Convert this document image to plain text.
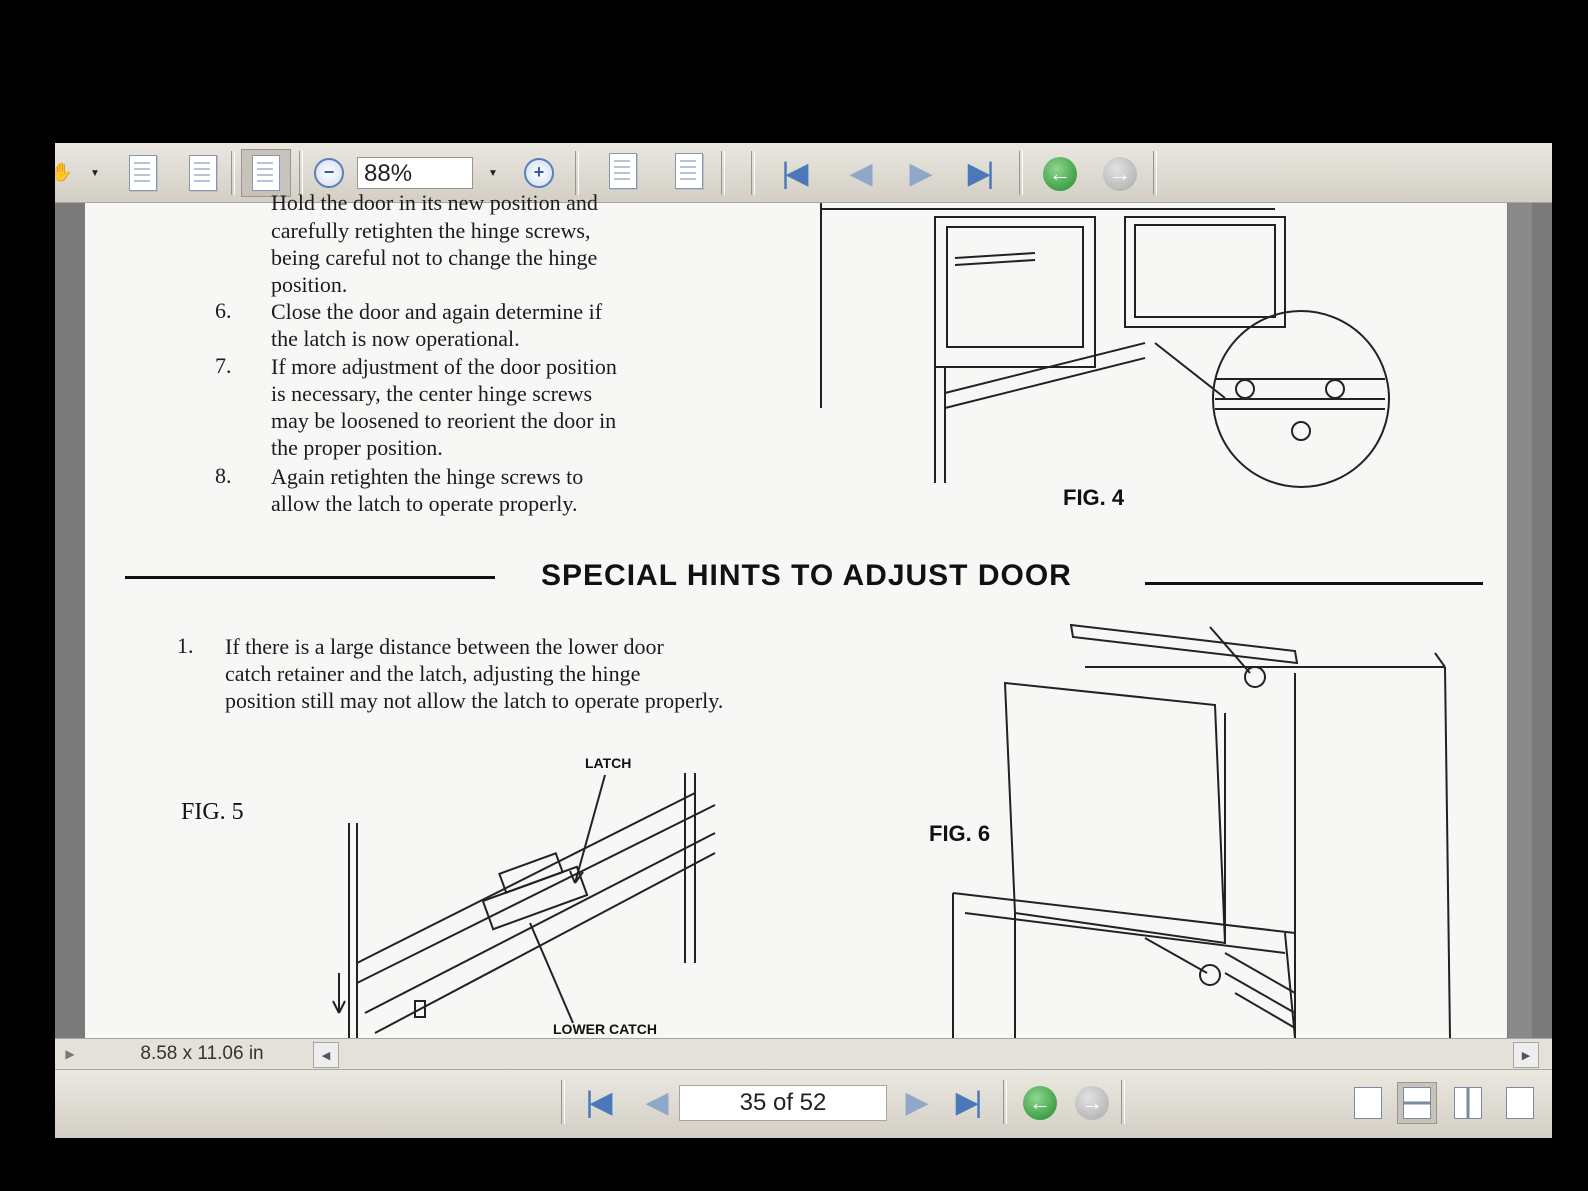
✋ ▼	−	88%	▼	+	|◀ ◀ ▶ ▶|	← →
Hold the door in its new position and
carefully retighten the hinge screws,
being careful not to change the hinge
position.
6. Close the door and again determine if
the latch is now operational.
7. If more adjustment of the door position
is necessary, the center hinge screws
may be loosened to reorient the door in
the proper position.
8. Again retighten the hinge screws to
allow the latch to operate properly.	FIG. 4
SPECIAL HINTS TO ADJUST DOOR
1. If there is a large distance between the lower door
catch retainer and the latch, adjusting the hinge
position still may not allow the latch to operate properly.
FIG. 5
LATCH
LOWER CATCH
FIG. 6
▶	8.58 x 11.06 in	◀	▶
|◀ ◀	35 of 52	▶ ▶| ← →
